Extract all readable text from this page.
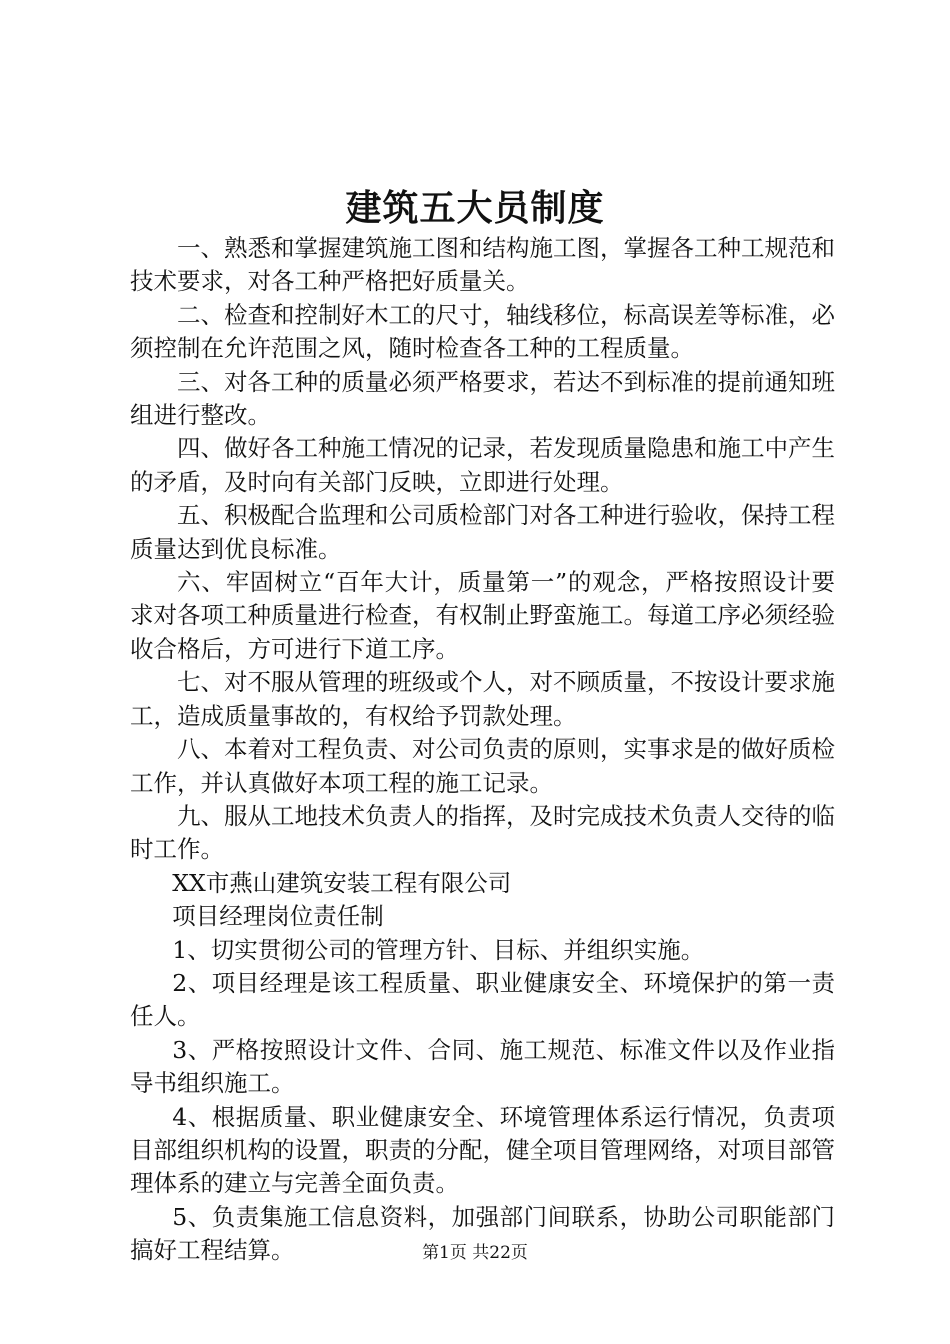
建筑五大员制度

一、熟悉和掌握建筑施工图和结构施工图，掌握各工种工规范和技术要求，对各工种严格把好质量关。

二、检查和控制好木工的尺寸，轴线移位，标高误差等标准，必须控制在允许范围之风，随时检查各工种的工程质量。

三、对各工种的质量必须严格要求，若达不到标准的提前通知班组进行整改。

四、做好各工种施工情况的记录，若发现质量隐患和施工中产生的矛盾，及时向有关部门反映，立即进行处理。

五、积极配合监理和公司质检部门对各工种进行验收，保持工程质量达到优良标准。

六、牢固树立“百年大计，质量第一”的观念，严格按照设计要求对各项工种质量进行检查，有权制止野蛮施工。每道工序必须经验收合格后，方可进行下道工序。

七、对不服从管理的班级或个人，对不顾质量，不按设计要求施工，造成质量事故的，有权给予罚款处理。

八、本着对工程负责、对公司负责的原则，实事求是的做好质检工作，并认真做好本项工程的施工记录。

九、服从工地技术负责人的指挥，及时完成技术负责人交待的临时工作。

XX市燕山建筑安装工程有限公司

项目经理岗位责任制

1、切实贯彻公司的管理方针、目标、并组织实施。

2、项目经理是该工程质量、职业健康安全、环境保护的第一责任人。

3、严格按照设计文件、合同、施工规范、标准文件以及作业指导书组织施工。

4、根据质量、职业健康安全、环境管理体系运行情况，负责项目部组织机构的设置，职责的分配，健全项目管理网络，对项目部管理体系的建立与完善全面负责。

5、负责集施工信息资料，加强部门间联系，协助公司职能部门搞好工程结算。	第1页 共22页
